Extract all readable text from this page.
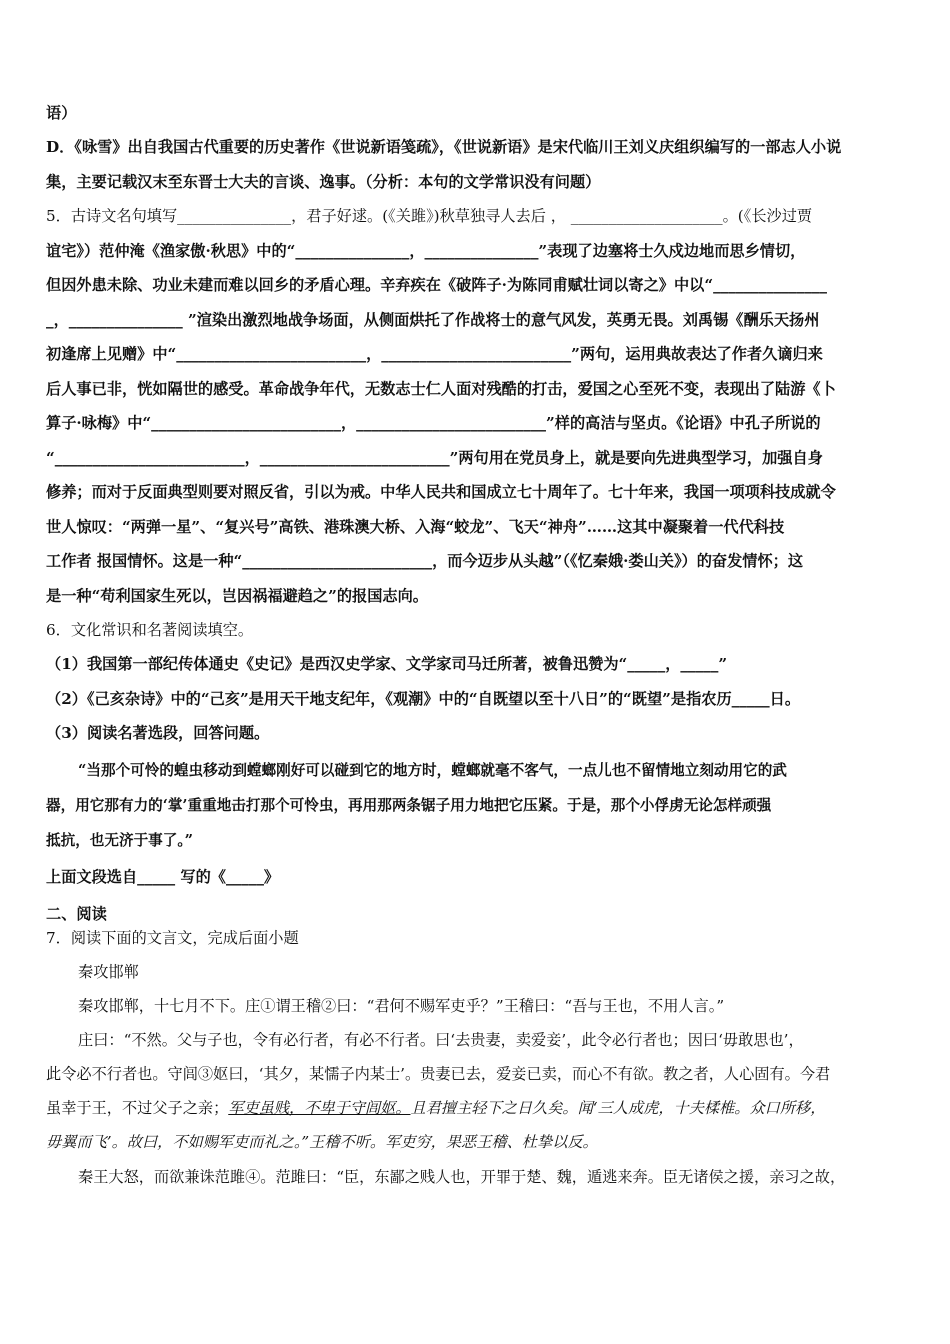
语）
D．《咏雪》出自我国古代重要的历史著作《世说新语笺疏》，《世说新语》是宋代临川王刘义庆组织编写的一部志人小说
集，主要记载汉末至东晋士大夫的言谈、逸事。（分析：本句的文学常识没有问题）
5．古诗文名句填写_______________，君子好逑。(《关雎》)秋草独寻人去后 ， ____________________。(《长沙过贾
谊宅》）范仲淹《渔家傲·秋思》中的“_______________，_______________”表现了边塞将士久戍边地而思乡情切，
但因外患未除、功业未建而难以回乡的矛盾心理。辛弃疾在《破阵子·为陈同甫赋壮词以寄之》中以“_______________
_，_______________ ”渲染出激烈地战争场面，从侧面烘托了作战将士的意气风发，英勇无畏。刘禹锡《酬乐天扬州
初逢席上见赠》中“_________________________，_________________________”两句，运用典故表达了作者久谪归来
后人事已非，恍如隔世的感受。革命战争年代，无数志士仁人面对残酷的打击，爱国之心至死不变，表现出了陆游《卜
算子·咏梅》中“_________________________，_________________________”样的高洁与坚贞。《论语》中孔子所说的
“_________________________，_________________________”两句用在党员身上，就是要向先进典型学习，加强自身
修养；而对于反面典型则要对照反省，引以为戒。中华人民共和国成立七十周年了。七十年来，我国一项项科技成就令
世人惊叹：“两弹一星”、“复兴号”高铁、港珠澳大桥、入海“蛟龙”、飞天“神舟”……这其中凝聚着一代代科技
工作者 报国情怀。这是一种“_________________________，而今迈步从头越”（《忆秦娥·娄山关》）的奋发情怀；这
是一种“苟利国家生死以，岂因祸福避趋之”的报国志向。
6．文化常识和名著阅读填空。
（1）我国第一部纪传体通史《史记》是西汉史学家、文学家司马迁所著，被鲁迅赞为“_____，_____”
（2）《己亥杂诗》中的“己亥”是用天干地支纪年，《观潮》中的“自既望以至十八日”的“既望”是指农历_____日。
（3）阅读名著选段，回答问题。
“当那个可怜的蝗虫移动到螳螂刚好可以碰到它的地方时，螳螂就毫不客气，一点儿也不留情地立刻动用它的武
器，用它那有力的‘掌’重重地击打那个可怜虫，再用那两条锯子用力地把它压紧。于是，那个小俘虏无论怎样顽强
抵抗，也无济于事了。”
上面文段选自_____ 写的《_____》
二、阅读
7．阅读下面的文言文，完成后面小题
秦攻邯郸
秦攻邯郸，十七月不下。庄①谓王稽②曰：“君何不赐军吏乎？”王稽曰：“吾与王也，不用人言。”
庄曰：“不然。父与子也，令有必行者，有必不行者。曰‘去贵妻，卖爱妾’，此令必行者也；因曰‘毋敢思也’，
此令必不行者也。守闾③妪曰，‘其夕，某懦子内某士’。贵妻已去，爱妾已卖，而心不有欲。教之者，人心固有。今君
虽幸于王，不过父子之亲；军吏虽贱，不卑于守闾妪。且君擅主轻下之日久矣。闻‘三人成虎，十夫楺椎。众口所移，
毋翼而飞’。故曰，不如赐军吏而礼之。”王稽不听。军吏穷，果恶王稽、杜挚以反。
秦王大怒，而欲兼诛范雎④。范雎曰：“臣，东鄙之贱人也，开罪于楚、魏，遁逃来奔。臣无诸侯之援，亲习之故，
